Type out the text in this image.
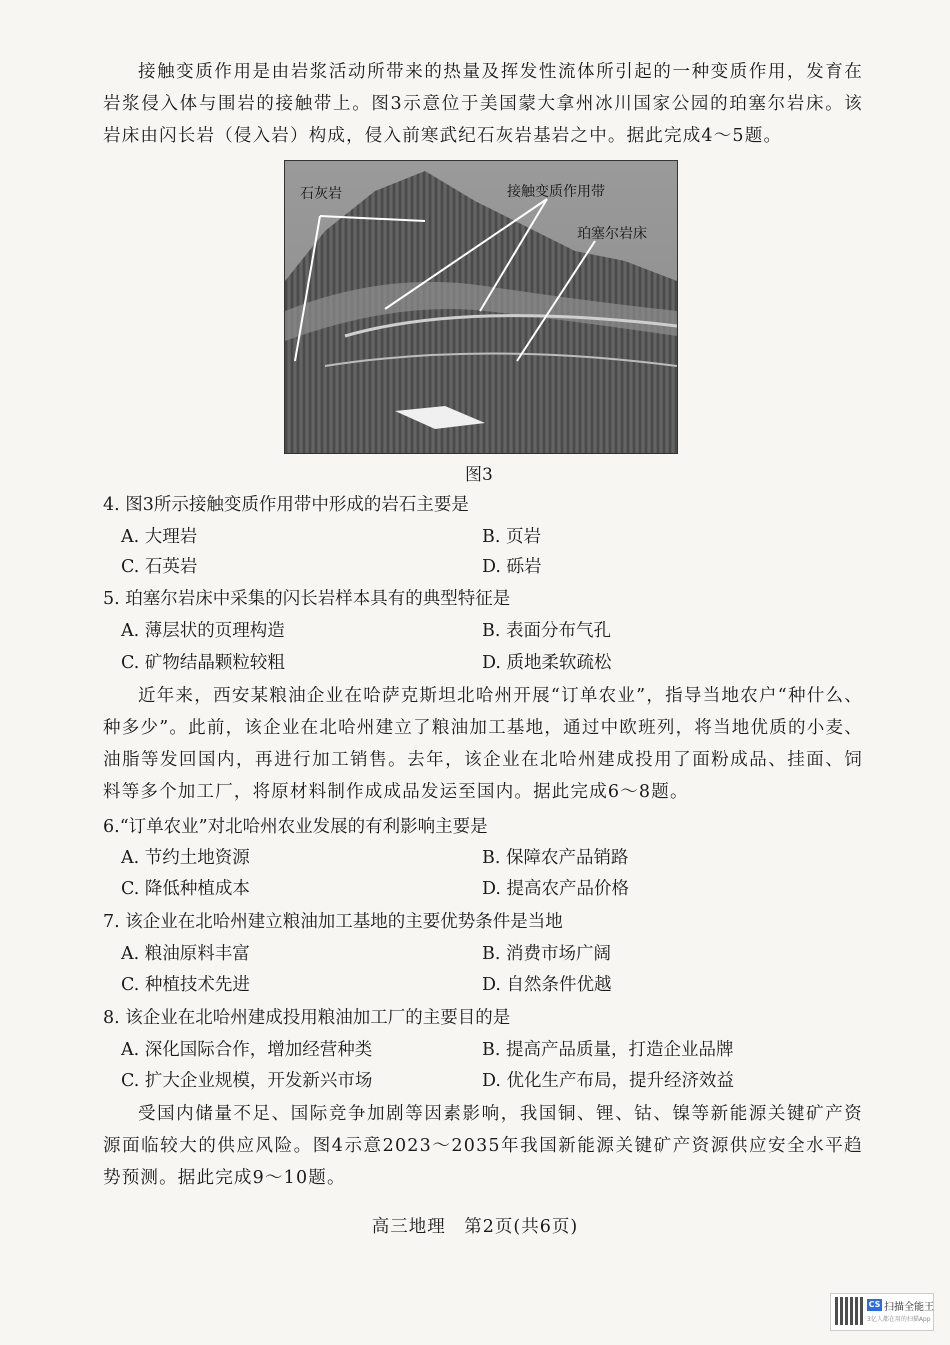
接触变质作用是由岩浆活动所带来的热量及挥发性流体所引起的一种变质作用，发育在岩浆侵入体与围岩的接触带上。图3示意位于美国蒙大拿州冰川国家公园的珀塞尔岩床。该岩床由闪长岩（侵入岩）构成，侵入前寒武纪石灰岩基岩之中。据此完成4～5题。

石灰岩	接触变质作用带
珀塞尔岩床
图3

4. 图3所示接触变质作用带中形成的岩石主要是

A. 大理岩	B. 页岩

C. 石英岩	D. 砾岩

5. 珀塞尔岩床中采集的闪长岩样本具有的典型特征是

A. 薄层状的页理构造	B. 表面分布气孔

C. 矿物结晶颗粒较粗	D. 质地柔软疏松

近年来，西安某粮油企业在哈萨克斯坦北哈州开展“订单农业”，指导当地农户“种什么、种多少”。此前，该企业在北哈州建立了粮油加工基地，通过中欧班列，将当地优质的小麦、油脂等发回国内，再进行加工销售。去年，该企业在北哈州建成投用了面粉成品、挂面、饲料等多个加工厂，将原材料制作成成品发运至国内。据此完成6～8题。

6.“订单农业”对北哈州农业发展的有利影响主要是

A. 节约土地资源	B. 保障农产品销路

C. 降低种植成本	D. 提高农产品价格

7. 该企业在北哈州建立粮油加工基地的主要优势条件是当地

A. 粮油原料丰富	B. 消费市场广阔

C. 种植技术先进	D. 自然条件优越

8. 该企业在北哈州建成投用粮油加工厂的主要目的是

A. 深化国际合作，增加经营种类	B. 提高产品质量，打造企业品牌

C. 扩大企业规模，开发新兴市场	D. 优化生产布局，提升经济效益

受国内储量不足、国际竞争加剧等因素影响，我国铜、锂、钴、镍等新能源关键矿产资源面临较大的供应风险。图4示意2023～2035年我国新能源关键矿产资源供应安全水平趋势预测。据此完成9～10题。

高三地理　第2页(共6页)
CS 扫描全能王
3亿人都在用的扫描App
